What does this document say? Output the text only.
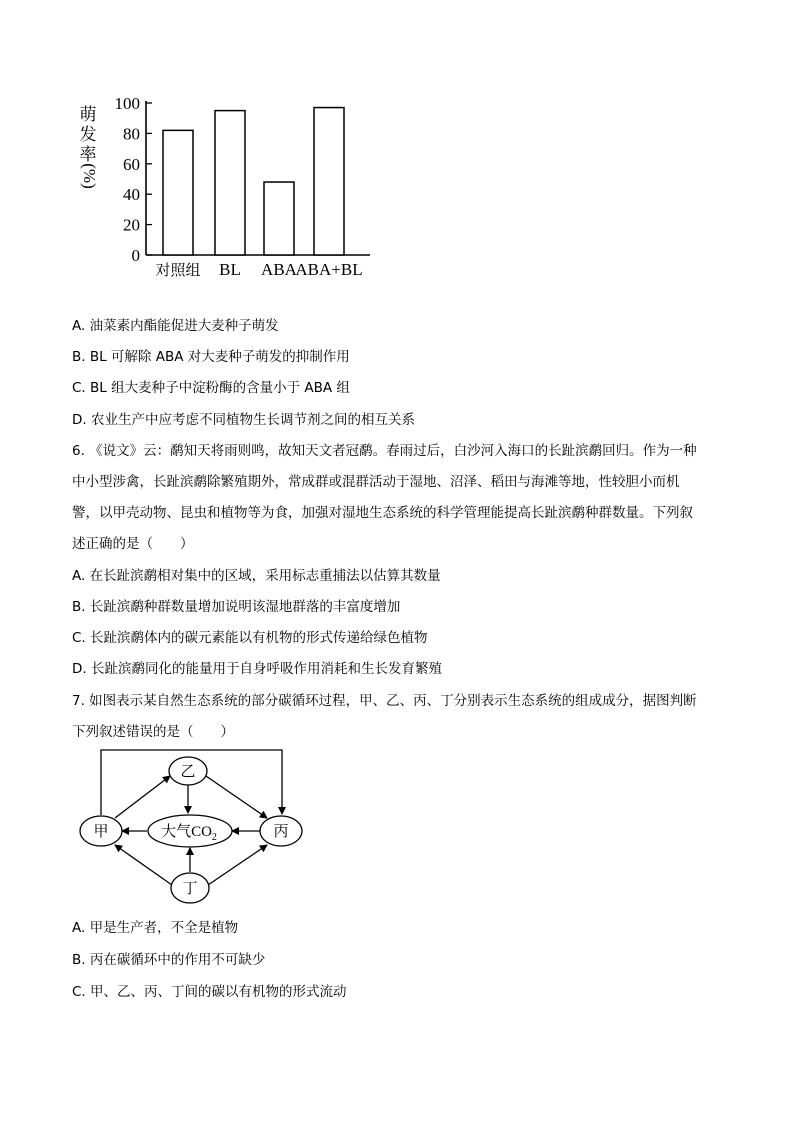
萌
发
率
(%)
0
20
40
60
80
100
对照组 BL ABA
ABA+BL
A. 油菜素内酯能促进大麦种子萌发
B. BL 可解除 ABA 对大麦种子萌发的抑制作用
C. BL 组大麦种子中淀粉酶的含量小于 ABA 组
D. 农业生产中应考虑不同植物生长调节剂之间的相互关系
6. 《说文》云：鹬知天将雨则鸣，故知天文者冠鹬。春雨过后，白沙河入海口的长趾滨鹬回归。作为一种
中小型涉禽，长趾滨鹬除繁殖期外，常成群或混群活动于湿地、沼泽、稻田与海滩等地，性较胆小而机
警，以甲壳动物、昆虫和植物等为食，加强对湿地生态系统的科学管理能提高长趾滨鹬种群数量。下列叙
述正确的是（　　）
A. 在长趾滨鹬相对集中的区域，采用标志重捕法以估算其数量
B. 长趾滨鹬种群数量增加说明该湿地群落的丰富度增加
C. 长趾滨鹬体内的碳元素能以有机物的形式传递给绿色植物
D. 长趾滨鹬同化的能量用于自身呼吸作用消耗和生长发育繁殖
7. 如图表示某自然生态系统的部分碳循环过程，甲、乙、丙、丁分别表示生态系统的组成成分，据图判断
下列叙述错误的是（　　）
乙
甲	丙
丁
大气$CO_2$
A. 甲是生产者，不全是植物
B. 丙在碳循环中的作用不可缺少
C. 甲、乙、丙、丁间的碳以有机物的形式流动
